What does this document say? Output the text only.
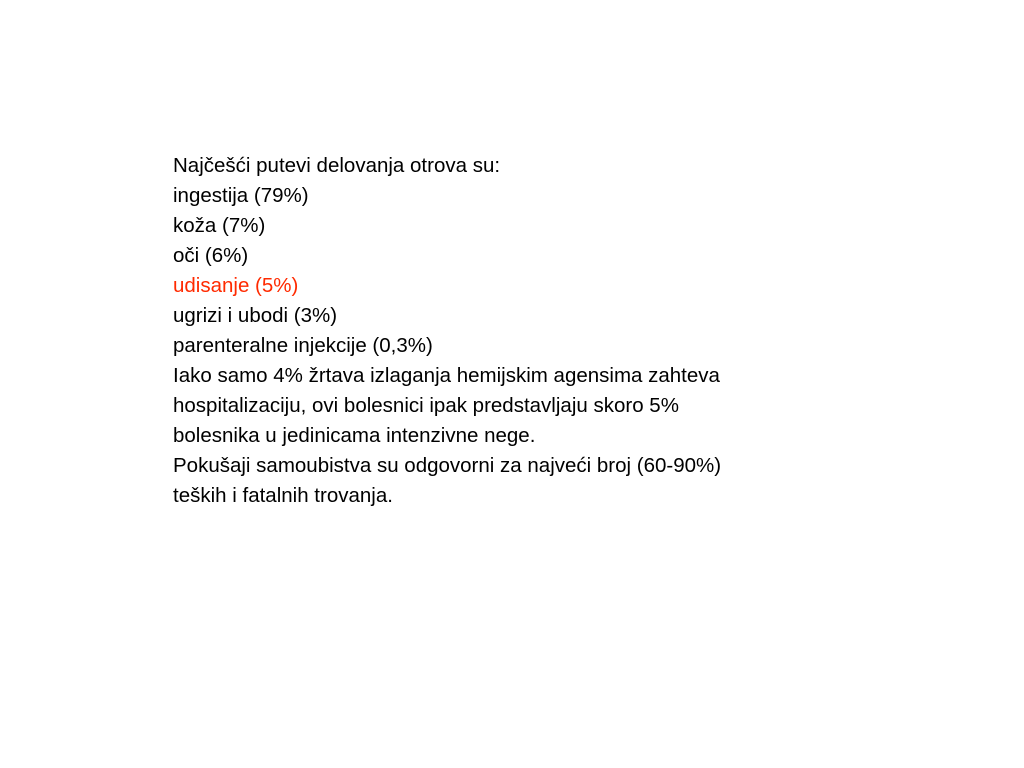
Najčešći putevi delovanja otrova su:
ingestija (79%)
koža (7%)
oči (6%)
udisanje (5%)
ugrizi i ubodi (3%)
parenteralne injekcije (0,3%)
Iako samo 4% žrtava izlaganja hemijskim agensima zahteva
hospitalizaciju, ovi bolesnici ipak predstavljaju skoro 5%
bolesnika u jedinicama intenzivne nege.
Pokušaji samoubistva su odgovorni za najveći broj (60-90%)
teških i fatalnih trovanja.
